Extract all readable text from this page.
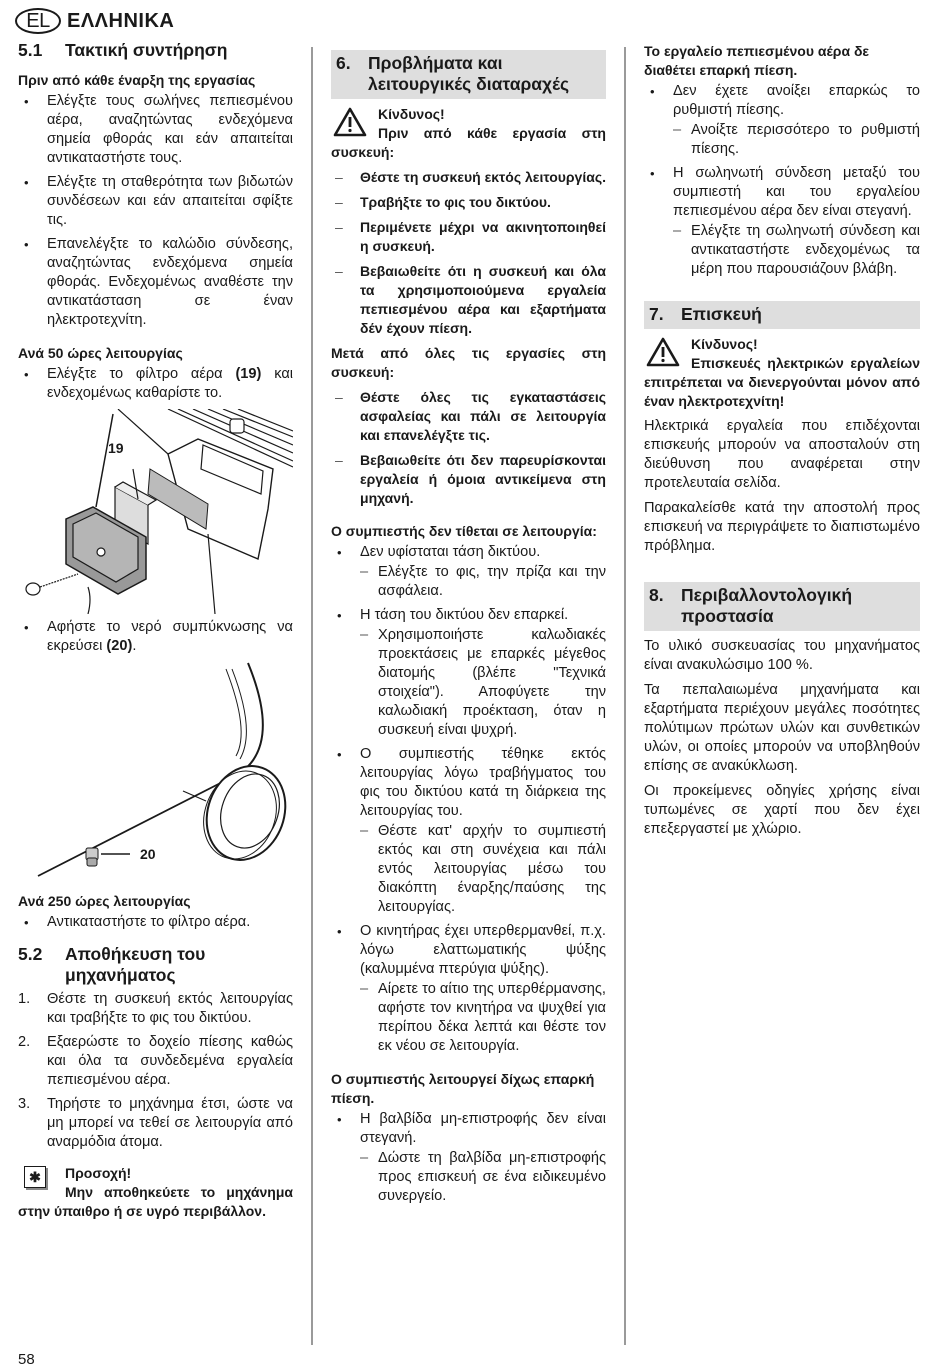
EL ΕΛΛΗΝΙΚΑ
5.1	Τακτική συντήρηση
Πριν από κάθε έναρξη της εργασίας
• Ελέγξτε τους σωλήνες πεπιεσμένου αέρα, αναζητώντας ενδεχόμενα σημεία φθοράς και εάν απαιτείται αντικαταστήστε τους.
• Ελέγξτε τη σταθερότητα των βιδωτών συνδέσεων και εάν απαιτείται σφίξτε τις.
• Επανελέγξτε το καλώδιο σύνδεσης, αναζητώντας ενδεχόμενα σημεία φθοράς. Ενδεχομένως αναθέστε την αντικατάσταση σε έναν ηλεκτροτεχνίτη.
Ανά 50 ώρες λειτουργίας
• Ελέγξτε το φίλτρο αέρα (19) και ενδεχομένως καθαρίστε το.
19
• Αφήστε το νερό συμπύκνωσης να εκρεύσει (20).
20
Ανά 250 ώρες λειτουργίας
• Αντικαταστήστε το φίλτρο αέρα.
5.2	Αποθήκευση του μηχανήματος
1. Θέστε τη συσκευή εκτός λειτουργίας και τραβήξτε το φις του δικτύου.
2. Εξαερώστε το δοχείο πίεσης καθώς και όλα τα συνδεδεμένα εργαλεία πεπιεσμένου αέρα.
3. Τηρήστε το μηχάνημα έτσι, ώστε να μη μπορεί να τεθεί σε λειτουργία από αναρμόδια άτομα.
✱	Προσοχή!
Μην αποθηκεύετε το μηχάνημα στην ύπαιθρο ή σε υγρό περιβάλλον.
6. Προβλήματα και λειτουργικές διαταραχές
Κίνδυνος!
Πριν από κάθε εργασία στη συσκευή:
– Θέστε τη συσκευή εκτός λειτουργίας.
– Τραβήξτε το φις του δικτύου.
– Περιμένετε μέχρι να ακινητοποιηθεί η συσκευή.
– Βεβαιωθείτε ότι η συσκευή και όλα τα χρησιμοποιούμενα εργαλεία πεπιεσμένου αέρα και εξαρτήματα δέν έχουν πίεση.

Μετά από όλες τις εργασίες στη συσκευή:

– Θέστε όλες τις εγκαταστάσεις ασφαλείας και πάλι σε λειτουργία και επανελέγξτε τις.
– Βεβαιωθείτε ότι δεν παρευρίσκονται εργαλεία ή όμοια αντικείμενα στη μηχανή.
Ο συμπιεστής δεν τίθεται σε λειτουργία:
• Δεν υφίσταται τάση δικτύου.
– Ελέγξτε το φις, την πρίζα και την ασφάλεια.
• Η τάση του δικτύου δεν επαρκεί.
– Χρησιμοποιήστε καλωδιακές προεκτάσεις με επαρκές μέγεθος διατομής (βλέπε "Τεχνικά στοιχεία"). Αποφύγετε την καλωδιακή προέκταση, όταν η συσκευή είναι ψυχρή.
• Ο συμπιεστής τέθηκε εκτός λειτουργίας λόγω τραβήγματος του φις του δικτύου κατά τη διάρκεια της λειτουργίας του.
– Θέστε κατ' αρχήν το συμπιεστή εκτός και στη συνέχεια και πάλι εντός λειτουργίας μέσω του διακόπτη έναρξης/παύσης της λειτουργίας.
• Ο κινητήρας έχει υπερθερμανθεί, π.χ. λόγω ελαττωματικής ψύξης (καλυμμένα πτερύγια ψύξης).
– Αίρετε το αίτιο της υπερθέρμανσης, αφήστε τον κινητήρα να ψυχθεί για περίπου δέκα λεπτά και θέστε τον εκ νέου σε λειτουργία.
Ο συμπιεστής λειτουργεί δίχως επαρκή πίεση.
• Η βαλβίδα μη-επιστροφής δεν είναι στεγανή.
– Δώστε τη βαλβίδα μη-επιστροφής προς επισκευή σε ένα ειδικευμένο συνεργείο.
Το εργαλείο πεπιεσμένου αέρα δε διαθέτει επαρκή πίεση.
• Δεν έχετε ανοίξει επαρκώς το ρυθμιστή πίεσης.
– Ανοίξτε περισσότερο το ρυθμιστή πίεσης.
• Η σωληνωτή σύνδεση μεταξύ του συμπιεστή και του εργαλείου πεπιεσμένου αέρα δεν είναι στεγανή.
– Ελέγξτε τη σωληνωτή σύνδεση και αντικαταστήστε ενδεχομένως τα μέρη που παρουσιάζουν βλάβη.
7. Επισκευή
Κίνδυνος!
Επισκευές ηλεκτρικών εργαλείων επιτρέπεται να διενεργούνται μόνον από έναν ηλεκτροτεχνίτη!

Ηλεκτρικά εργαλεία που επιδέχονται επισκευής μπορούν να αποσταλούν στη διεύθυνση που αναφέρεται στην προτελευταία σελίδα.

Παρακαλείσθε κατά την αποστολή προς επισκευή να περιγράψετε το διαπιστωμένο πρόβλημα.

8. Περιβαλλοντολογική προστασία

Το υλικό συσκευασίας του μηχανήματος είναι ανακυλώσιμο 100 %.

Τα πεπαλαιωμένα μηχανήματα και εξαρτήματα περιέχουν μεγάλες ποσότητες πολύτιμων πρώτων υλών και συνθετικών υλών, οι οποίες μπορούν να υποβληθούν επίσης σε ανακύκλωση.

Οι προκείμενες οδηγίες χρήσης είναι τυπωμένες σε χαρτί που δεν έχει επεξεργαστεί με χλώριο.

58
